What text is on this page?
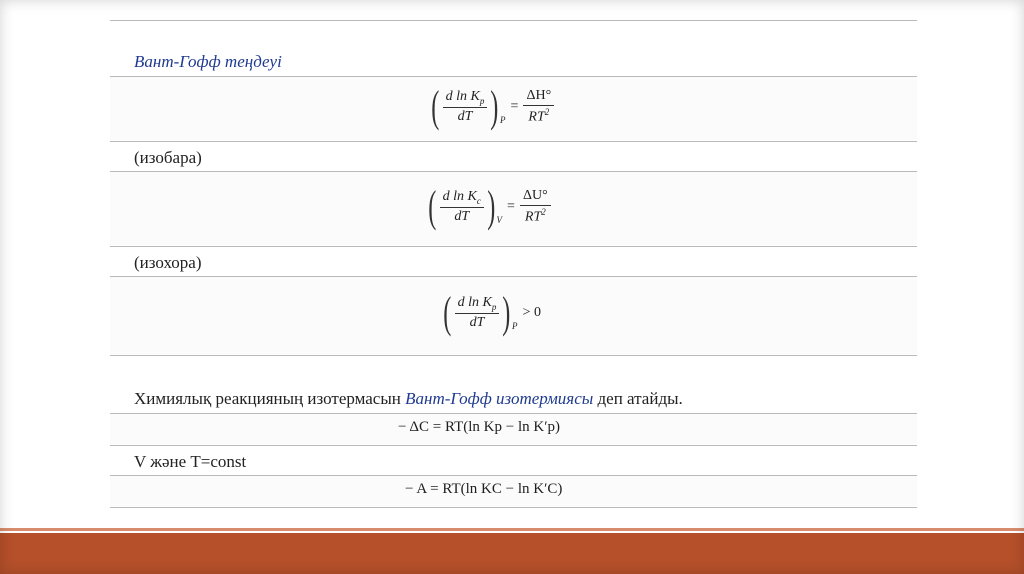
Вант-Гофф теңдеуі
( $\frac{d \ln K_p}{dT}$ ) P
= $\frac{\Delta H^\circ}{RT^2}$
(изобара)
( $\frac{d \ln K_c}{dT}$ ) V
= $\frac{\Delta U^\circ}{RT^2}$
(изохора)
( $\frac{d \ln K_p}{dT}$ ) P
> 0
Химиялық реакцияның изотермасын Вант-Гофф изотермиясы деп атайды.
− ΔC = RT(ln Kp − ln K′p)
V және T=const
− A = RT(ln KC − ln K′C)
